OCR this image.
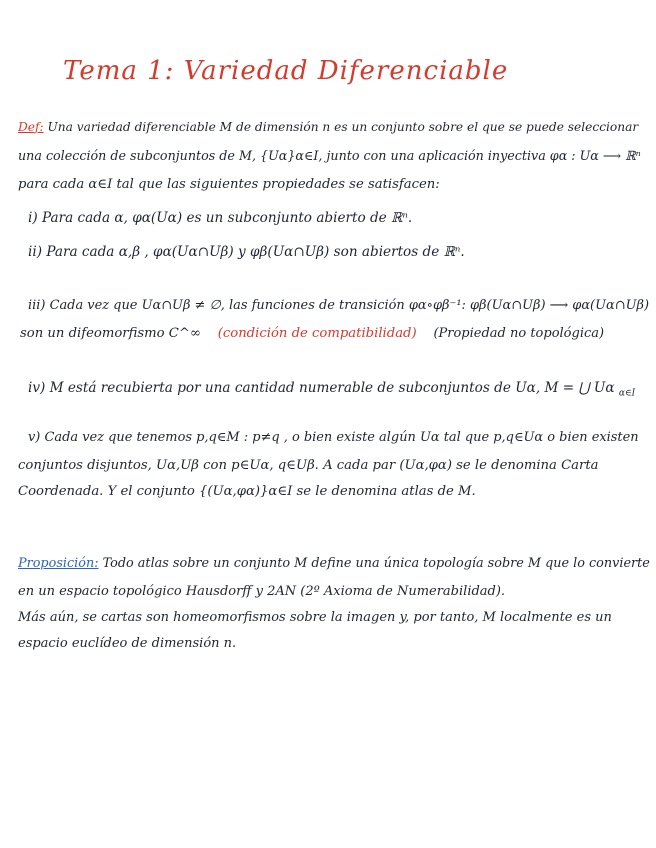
Tema 1: Variedad Diferenciable
Def: Una variedad diferenciable M de dimensión n es un conjunto sobre el que se puede seleccionar
una colección de subconjuntos de M, {Uα}α∈I, junto con una aplicación inyectiva φα : Uα ⟶ ℝⁿ
para cada α∈I tal que las siguientes propiedades se satisfacen:
i) Para cada α, φα(Uα) es un subconjunto abierto de ℝⁿ.
ii) Para cada α,β , φα(Uα∩Uβ) y φβ(Uα∩Uβ) son abiertos de ℝⁿ.
iii) Cada vez que Uα∩Uβ ≠ ∅, las funciones de transición φα∘φβ⁻¹: φβ(Uα∩Uβ) ⟶ φα(Uα∩Uβ)
son un difeomorfismo C^∞ (condición de compatibilidad) (Propiedad no topológica)
iv) M está recubierta por una cantidad numerable de subconjuntos de Uα, M = ⋃ Uα $_{\alpha\in I}$
v) Cada vez que tenemos p,q∈M : p≠q , o bien existe algún Uα tal que p,q∈Uα o bien existen
conjuntos disjuntos, Uα,Uβ con p∈Uα, q∈Uβ. A cada par (Uα,φα) se le denomina Carta
Coordenada. Y el conjunto {(Uα,φα)}α∈I se le denomina atlas de M.
Proposición: Todo atlas sobre un conjunto M define una única topología sobre M que lo convierte
en un espacio topológico Hausdorff y 2AN (2º Axioma de Numerabilidad).
Más aún, se cartas son homeomorfismos sobre la imagen y, por tanto, M localmente es un
espacio euclídeo de dimensión n.
